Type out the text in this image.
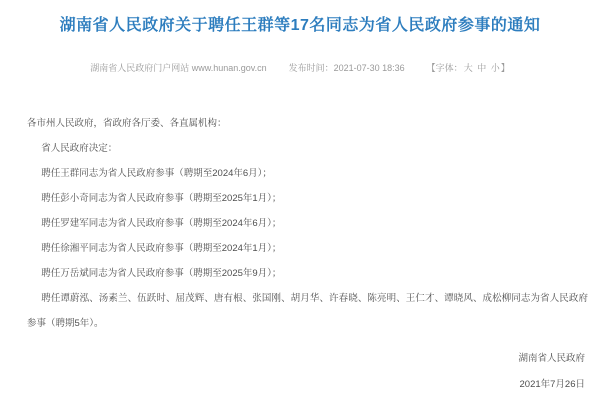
湖南省人民政府关于聘任王群等17名同志为省人民政府参事的通知
湖南省人民政府门户网站 www.hunan.gov.cn 发布时间：2021-07-30 18:36 【字体：大 中 小】

各市州人民政府，省政府各厅委、各直属机构：

省人民政府决定：

聘任王群同志为省人民政府参事（聘期至2024年6月）；

聘任彭小奇同志为省人民政府参事（聘期至2025年1月）；

聘任罗建军同志为省人民政府参事（聘期至2024年6月）；

聘任徐湘平同志为省人民政府参事（聘期至2024年1月）；

聘任万岳斌同志为省人民政府参事（聘期至2025年9月）；

聘任谭蔚泓、汤素兰、伍跃时、屈茂辉、唐有根、张国刚、胡月华、许春晓、陈亮明、王仁才、谭晓风、成松柳同志为省人民政府参事（聘期5年）。

湖南省人民政府
2021年7月26日
